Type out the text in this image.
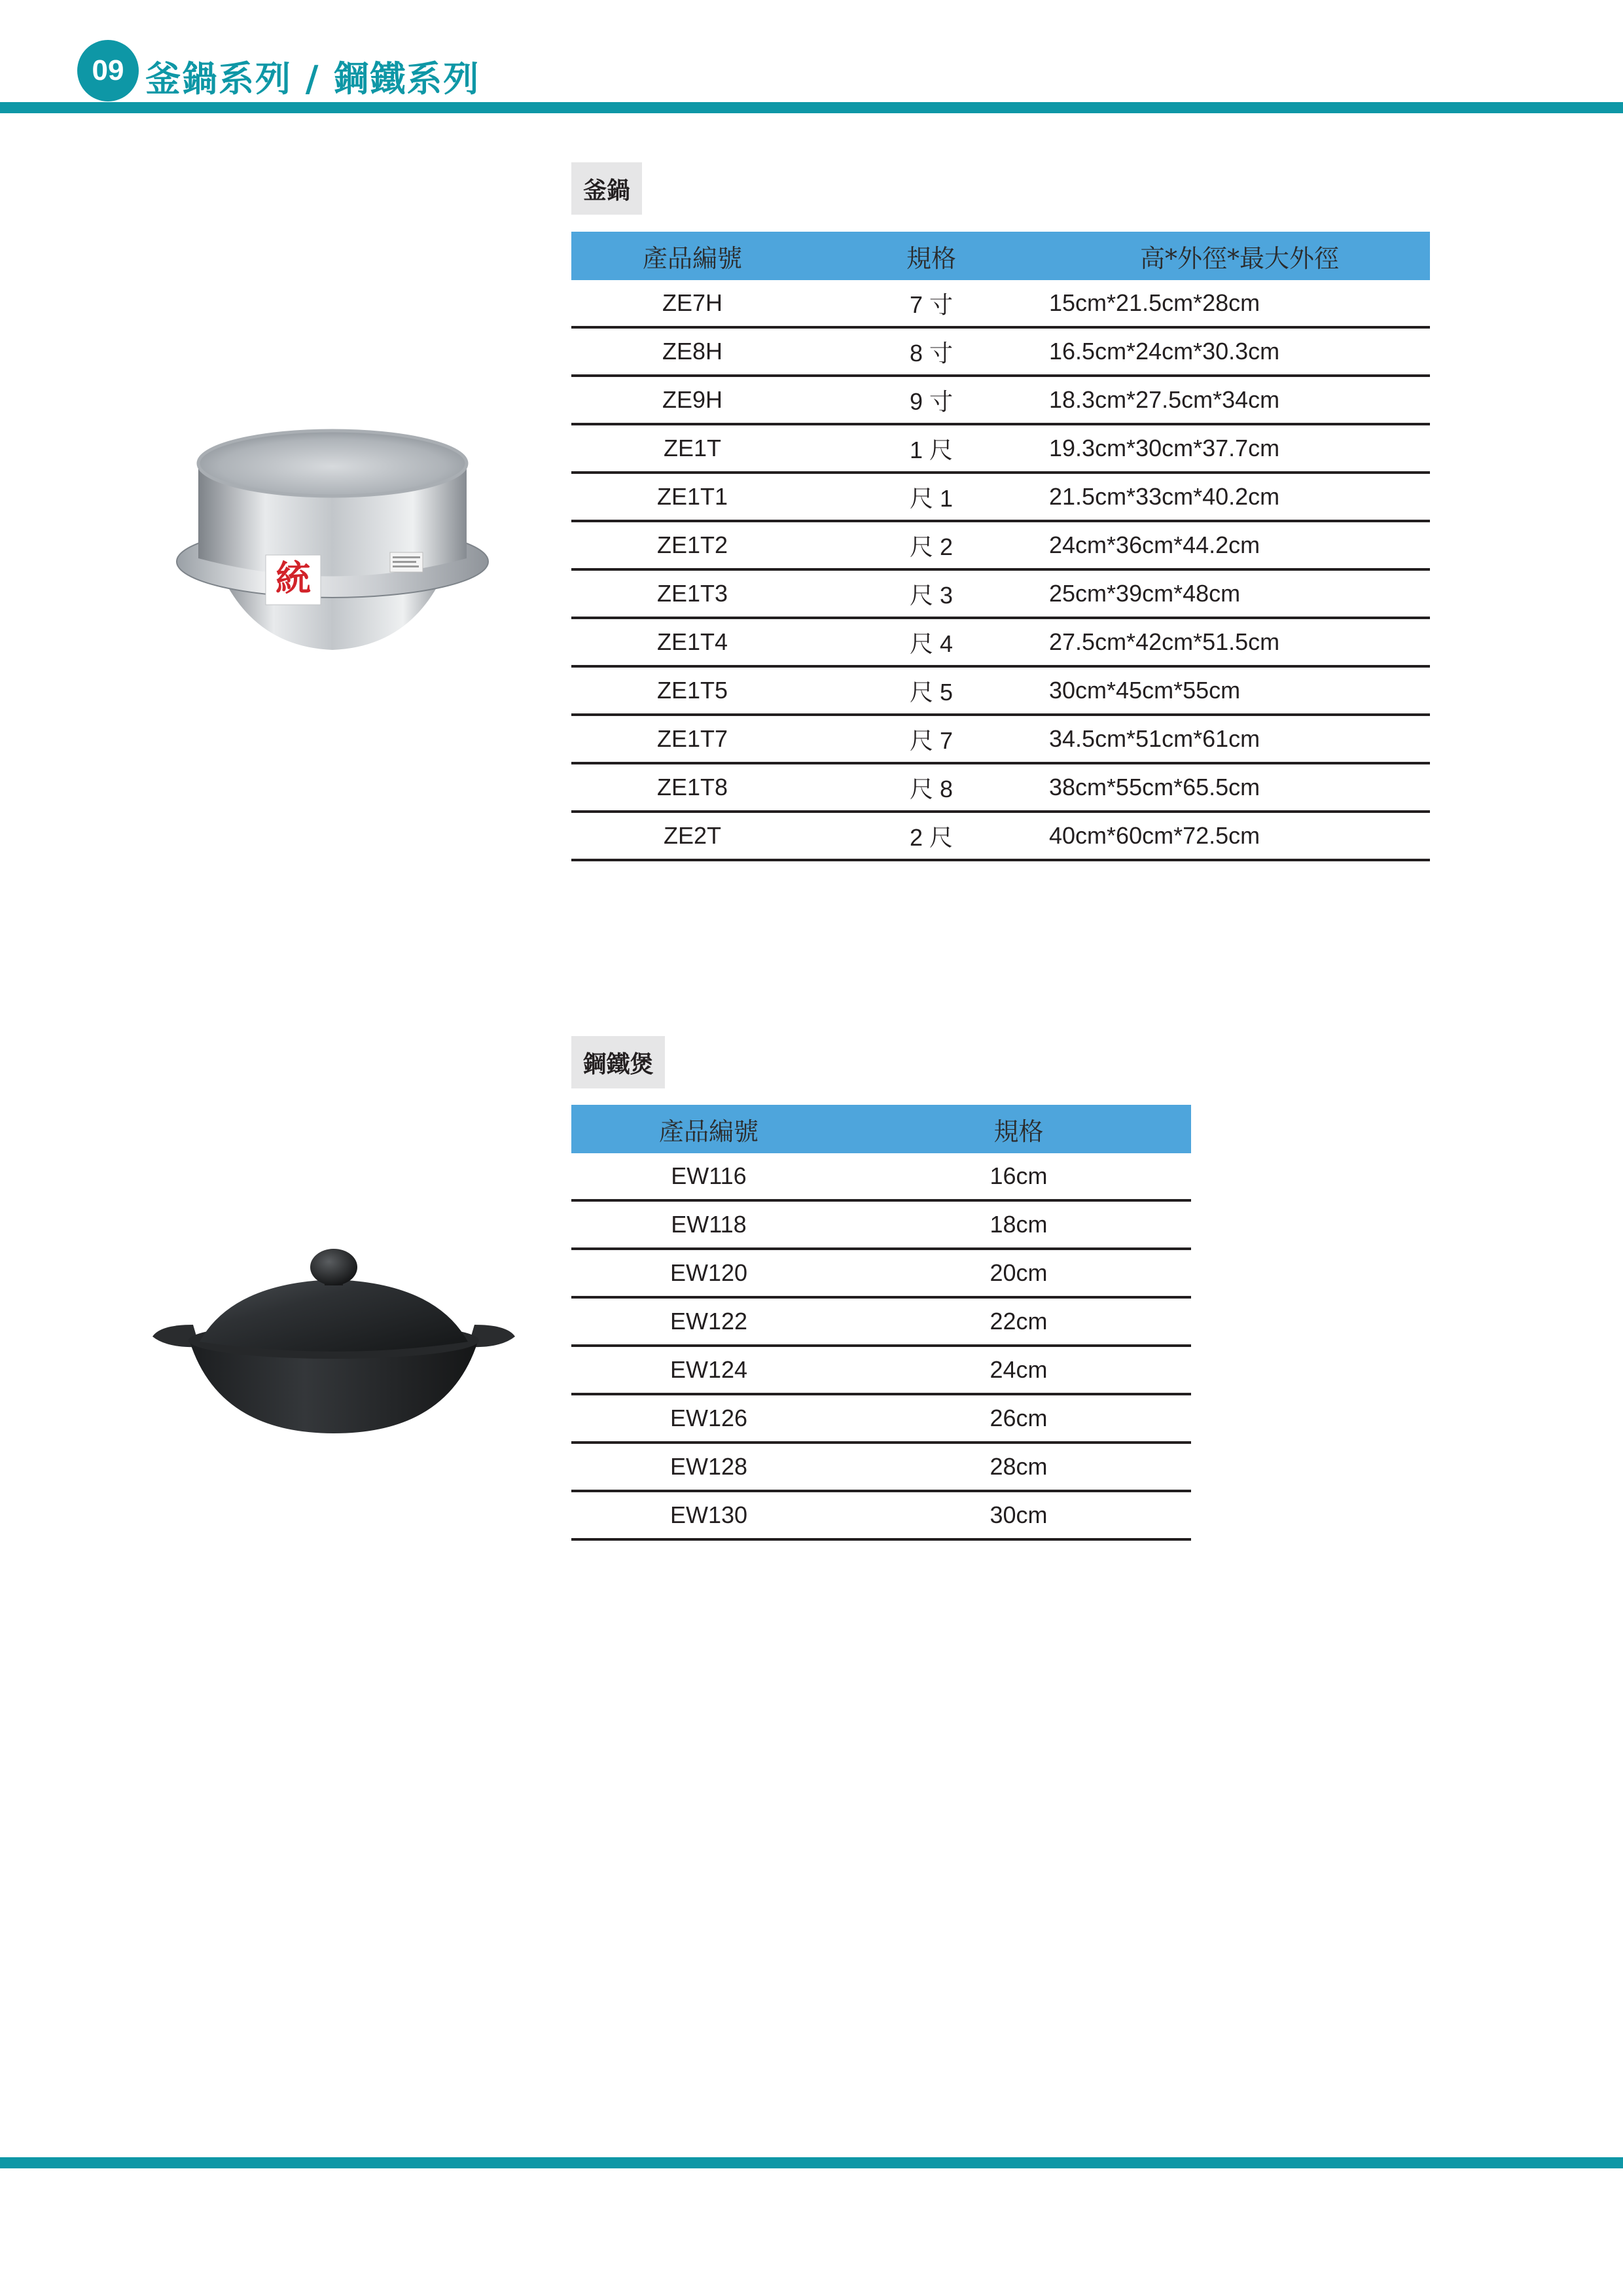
09 釜鍋系列 / 鋼鐵系列
釜鍋
產品編號	規格	高*外徑*最大外徑
ZE7H	7 寸	15cm*21.5cm*28cm
ZE8H	8 寸	16.5cm*24cm*30.3cm
ZE9H	9 寸	18.3cm*27.5cm*34cm
ZE1T	1 尺	19.3cm*30cm*37.7cm
ZE1T1	尺 1	21.5cm*33cm*40.2cm
ZE1T2	尺 2	24cm*36cm*44.2cm
ZE1T3	尺 3	25cm*39cm*48cm
ZE1T4	尺 4	27.5cm*42cm*51.5cm
ZE1T5	尺 5	30cm*45cm*55cm
ZE1T7	尺 7	34.5cm*51cm*61cm
ZE1T8	尺 8	38cm*55cm*65.5cm
ZE2T	2 尺	40cm*60cm*72.5cm
統
鋼鐵煲
產品編號	規格
EW116	16cm
EW118	18cm
EW120	20cm
EW122	22cm
EW124	24cm
EW126	26cm
EW128	28cm
EW130	30cm
